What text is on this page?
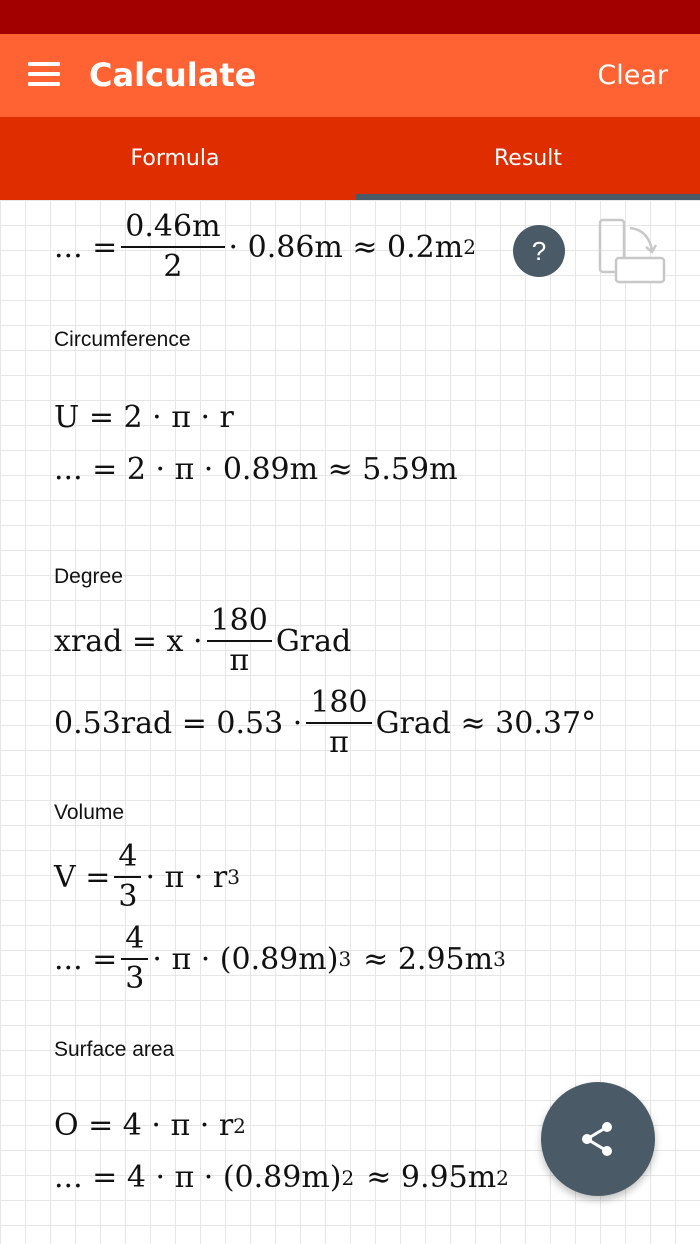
Calculate	Clear
Formula	Result
... = $\frac{0.46m}{2} \cdot 0.86m \approx 0.2m$ 2 ?
Circumference
U = 2 · π · r
... = 2 · π · 0.89m ≈ 5.59m
Degree
xrad = $x \cdot \frac{180}{\pi}$ Grad
$0.53rad = 0.53 \cdot \frac{180}{\pi}$ Grad ≈ 30.37°
Volume
$V = \frac{4}{3} \cdot \pi \cdot r$ 3
... = $\frac{4}{3} \cdot \pi \cdot (0.89m) 3 \approx 2.95m$ 3
Surface area
O = 4 · π · r 2
... = 4 · π · (0.89m) 2 ≈ 9.95m 2
